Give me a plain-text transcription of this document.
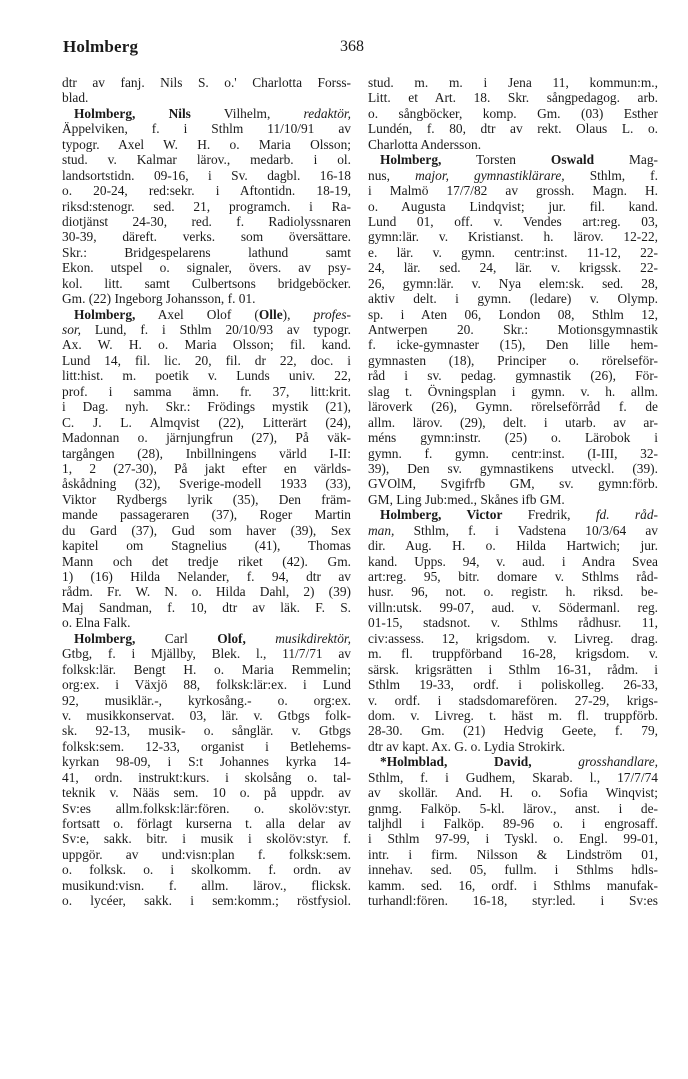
Holmberg	368
dtr av fanj. Nils S. o.' Charlotta Forss-
blad.
Holmberg, Nils Vilhelm, redaktör,
Äppelviken, f. i Sthlm 11/10/91 av
typogr. Axel W. H. o. Maria Olsson;
stud. v. Kalmar lärov., medarb. i ol.
landsortstidn. 09-16, i Sv. dagbl. 16-18
o. 20-24, red:sekr. i Aftontidn. 18-19,
riksd:stenogr. sed. 21, programch. i Ra-
diotjänst 24-30, red. f. Radiolyssnaren
30-39, däreft. verks. som översättare.
Skr.: Bridgespelarens lathund samt
Ekon. utspel o. signaler, övers. av psy-
kol. litt. samt Culbertsons bridgeböcker.
Gm. (22) Ingeborg Johansson, f. 01.
Holmberg, Axel Olof (Olle), profes-
sor, Lund, f. i Sthlm 20/10/93 av typogr.
Ax. W. H. o. Maria Olsson; fil. kand.
Lund 14, fil. lic. 20, fil. dr 22, doc. i
litt:hist. m. poetik v. Lunds univ. 22,
prof. i samma ämn. fr. 37, litt:krit.
i Dag. nyh. Skr.: Frödings mystik (21),
C. J. L. Almqvist (22), Litterärt (24),
Madonnan o. järnjungfrun (27), På väk-
targången (28), Inbillningens värld I-II:
1, 2 (27-30), På jakt efter en världs-
åskådning (32), Sverige-modell 1933 (33),
Viktor Rydbergs lyrik (35), Den främ-
mande passageraren (37), Roger Martin
du Gard (37), Gud som haver (39), Sex
kapitel om Stagnelius (41), Thomas
Mann och det tredje riket (42). Gm.
1) (16) Hilda Nelander, f. 94, dtr av
rådm. Fr. W. N. o. Hilda Dahl, 2) (39)
Maj Sandman, f. 10, dtr av läk. F. S.
o. Elna Falk.
Holmberg, Carl Olof, musikdirektör,
Gtbg, f. i Mjällby, Blek. l., 11/7/71 av
folksk:lär. Bengt H. o. Maria Remmelin;
org:ex. i Växjö 88, folksk:lär:ex. i Lund
92, musiklär.-, kyrkosång.- o. org:ex.
v. musikkonservat. 03, lär. v. Gtbgs folk-
sk. 92-13, musik- o. sånglär. v. Gtbgs
folksk:sem. 12-33, organist i Betlehems-
kyrkan 98-09, i S:t Johannes kyrka 14-
41, ordn. instrukt:kurs. i skolsång o. tal-
teknik v. Nääs sem. 10 o. på uppdr. av
Sv:es allm.folksk:lär:fören. o. skolöv:styr.
fortsatt o. förlagt kurserna t. alla delar av
Sv:e, sakk. bitr. i musik i skolöv:styr. f.
uppgör. av und:visn:plan f. folksk:sem.
o. folksk. o. i skolkomm. f. ordn. av
musikund:visn. f. allm. lärov., flicksk.
o. lycéer, sakk. i sem:komm.; röstfysiol.
stud. m. m. i Jena 11, kommun:m.,
Litt. et Art. 18. Skr. sångpedagog. arb.
o. sångböcker, komp. Gm. (03) Esther
Lundén, f. 80, dtr av rekt. Olaus L. o.
Charlotta Andersson.
Holmberg, Torsten Oswald Mag-
nus, major, gymnastiklärare, Sthlm, f.
i Malmö 17/7/82 av grossh. Magn. H.
o. Augusta Lindqvist; jur. fil. kand.
Lund 01, off. v. Vendes art:reg. 03,
gymn:lär. v. Kristianst. h. lärov. 12-22,
e. lär. v. gymn. centr:inst. 11-12, 22-
24, lär. sed. 24, lär. v. krigssk. 22-
26, gymn:lär. v. Nya elem:sk. sed. 28,
aktiv delt. i gymn. (ledare) v. Olymp.
sp. i Aten 06, London 08, Sthlm 12,
Antwerpen 20. Skr.: Motionsgymnastik
f. icke-gymnaster (15), Den lille hem-
gymnasten (18), Principer o. rörelseför-
råd i sv. pedag. gymnastik (26), För-
slag t. Övningsplan i gymn. v. h. allm.
läroverk (26), Gymn. rörelseförråd f. de
allm. lärov. (29), delt. i utarb. av ar-
méns gymn:instr. (25) o. Lärobok i
gymn. f. gymn. centr:inst. (I-III, 32-
39), Den sv. gymnastikens utveckl. (39).
GVOlM, Svgifrfb GM, sv. gymn:förb.
GM, Ling Jub:med., Skånes ifb GM.
Holmberg, Victor Fredrik, fd. råd-
man, Sthlm, f. i Vadstena 10/3/64 av
dir. Aug. H. o. Hilda Hartwich; jur.
kand. Upps. 94, v. aud. i Andra Svea
art:reg. 95, bitr. domare v. Sthlms råd-
husr. 96, not. o. registr. h. riksd. be-
villn:utsk. 99-07, aud. v. Södermanl. reg.
01-15, stadsnot. v. Sthlms rådhusr. 11,
civ:assess. 12, krigsdom. v. Livreg. drag.
m. fl. truppförband 16-28, krigsdom. v.
särsk. krigsrätten i Sthlm 16-31, rådm. i
Sthlm 19-33, ordf. i poliskolleg. 26-33,
v. ordf. i stadsdomarefören. 27-29, krigs-
dom. v. Livreg. t. häst m. fl. truppförb.
28-30. Gm. (21) Hedvig Geete, f. 79,
dtr av kapt. Ax. G. o. Lydia Strokirk.
*Holmblad, David,	grosshandlare,
Sthlm, f. i Gudhem, Skarab. l., 17/7/74
av skollär. And. H. o. Sofia Winqvist;
gnmg. Falköp. 5-kl. lärov., anst. i de-
taljhdl i Falköp. 89-96 o. i engrosaff.
i Sthlm 97-99, i Tyskl. o. Engl. 99-01,
intr. i firm. Nilsson & Lindström 01,
innehav. sed. 05, fullm. i Sthlms hdls-
kamm. sed. 16, ordf. i Sthlms manufak-
turhandl:fören. 16-18, styr:led. i Sv:es
